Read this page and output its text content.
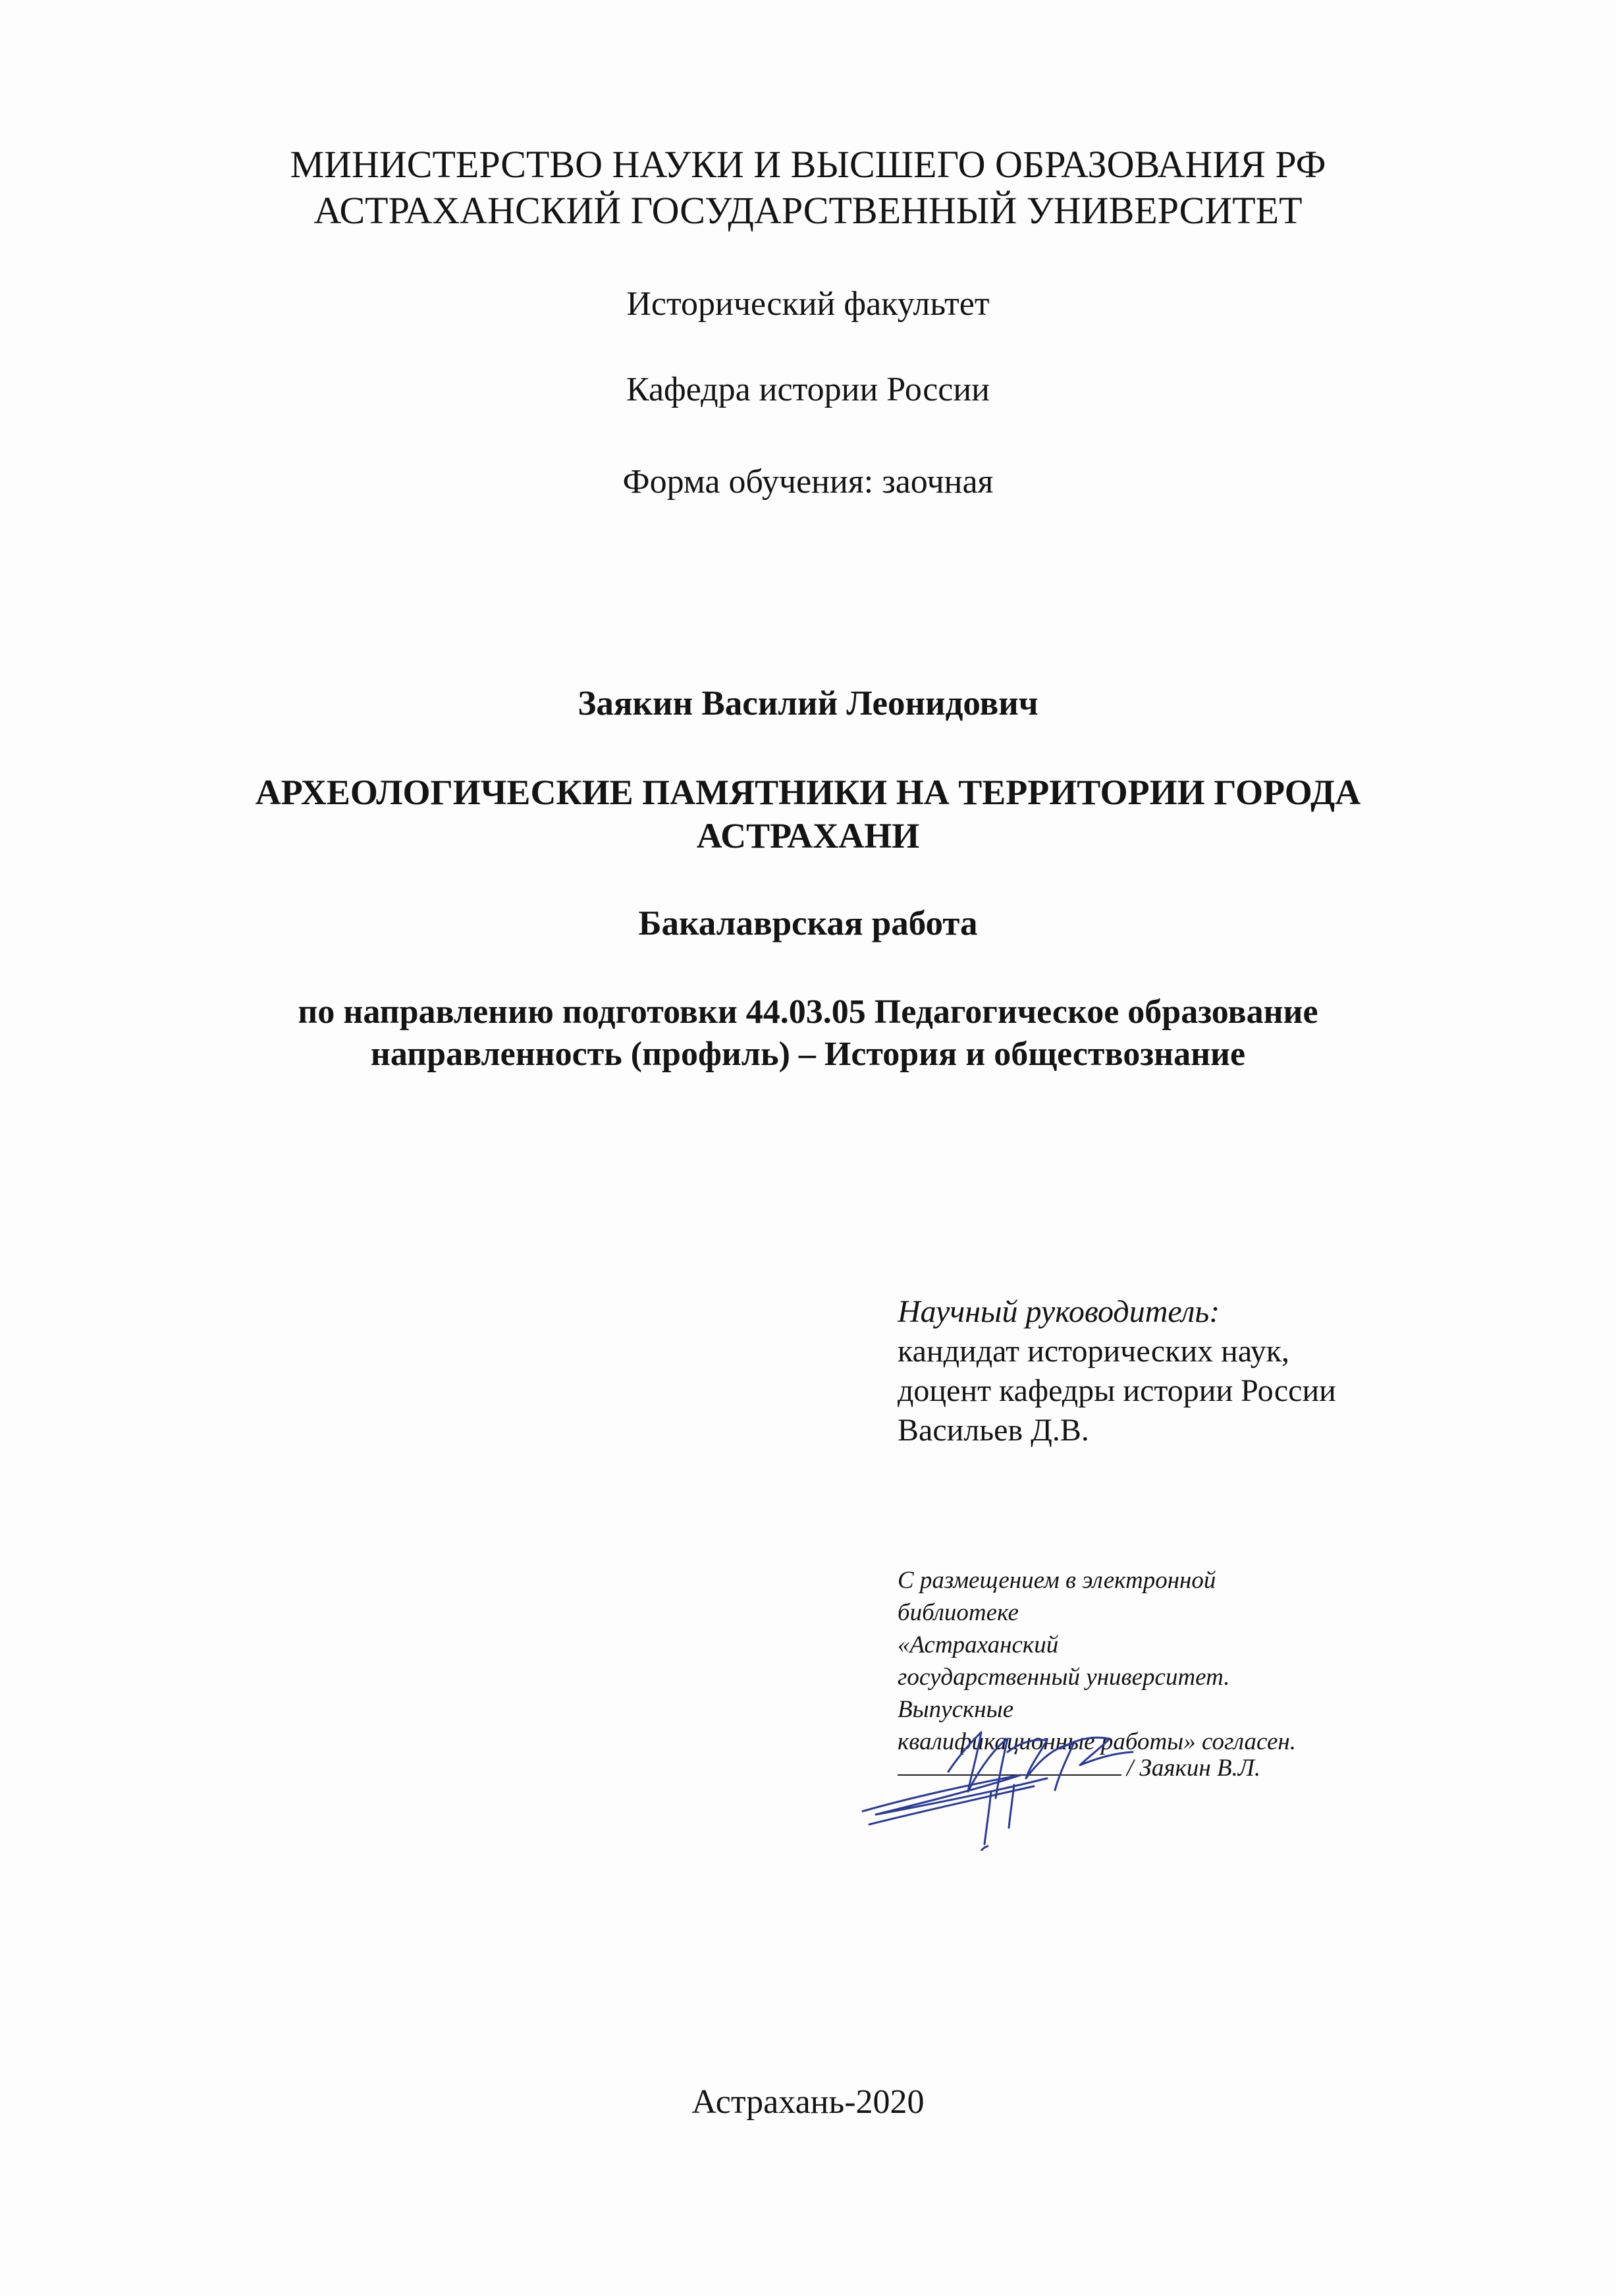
МИНИСТЕРСТВО НАУКИ И ВЫСШЕГО ОБРАЗОВАНИЯ РФ
АСТРАХАНСКИЙ ГОСУДАРСТВЕННЫЙ УНИВЕРСИТЕТ
Исторический факультет
Кафедра истории России
Форма обучения: заочная
Заякин Василий Леонидович
АРХЕОЛОГИЧЕСКИЕ ПАМЯТНИКИ НА ТЕРРИТОРИИ ГОРОДА
АСТРАХАНИ
Бакалаврская работа
по направлению подготовки 44.03.05 Педагогическое образование
направленность (профиль) – История и обществознание
Научный руководитель:
кандидат исторических наук,
доцент кафедры истории России
Васильев Д.В.
С размещением в электронной
библиотеке
«Астраханский
государственный университет.
Выпускные
квалификационные работы» согласен.
/ Заякин В.Л.
Астрахань-2020
